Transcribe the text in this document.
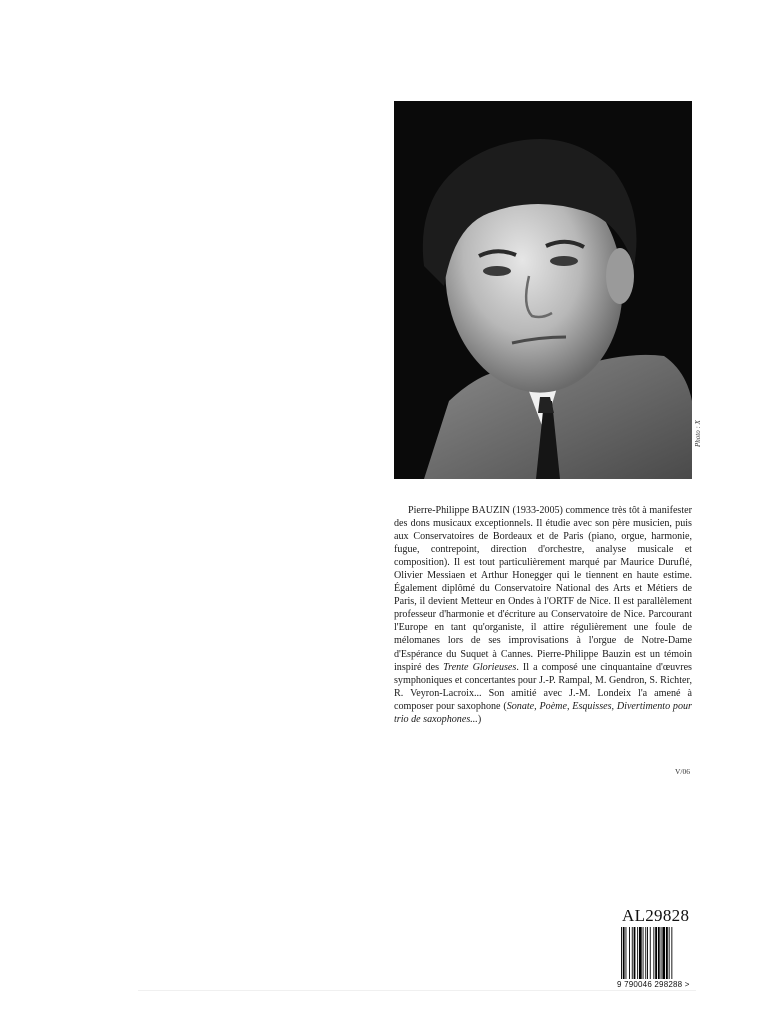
Photo : X

Pierre-Philippe BAUZIN (1933-2005) commence très tôt à manifester des dons musicaux exceptionnels. Il étudie avec son père musicien, puis aux Conservatoires de Bordeaux et de Paris (piano, orgue, harmonie, fugue, contrepoint, direction d'orchestre, analyse musicale et composition). Il est tout particulièrement marqué par Maurice Duruflé, Olivier Messiaen et Arthur Honegger qui le tiennent en haute estime. Également diplômé du Conservatoire National des Arts et Métiers de Paris, il devient Metteur en Ondes à l'ORTF de Nice. Il est parallèlement professeur d'harmonie et d'écriture au Conservatoire de Nice. Parcourant l'Europe en tant qu'organiste, il attire régulièrement une foule de mélomanes lors de ses improvisations à l'orgue de Notre-Dame d'Espérance du Suquet à Cannes. Pierre-Philippe Bauzin est un témoin inspiré des Trente Glorieuses. Il a composé une cinquantaine d'œuvres symphoniques et concertantes pour J.-P. Rampal, M. Gendron, S. Richter, R. Veyron-Lacroix... Son amitié avec J.-M. Londeix l'a amené à composer pour saxophone (Sonate, Poème, Esquisses, Divertimento pour trio de saxophones...)

V/06
AL29828
9 790046 298288 >
